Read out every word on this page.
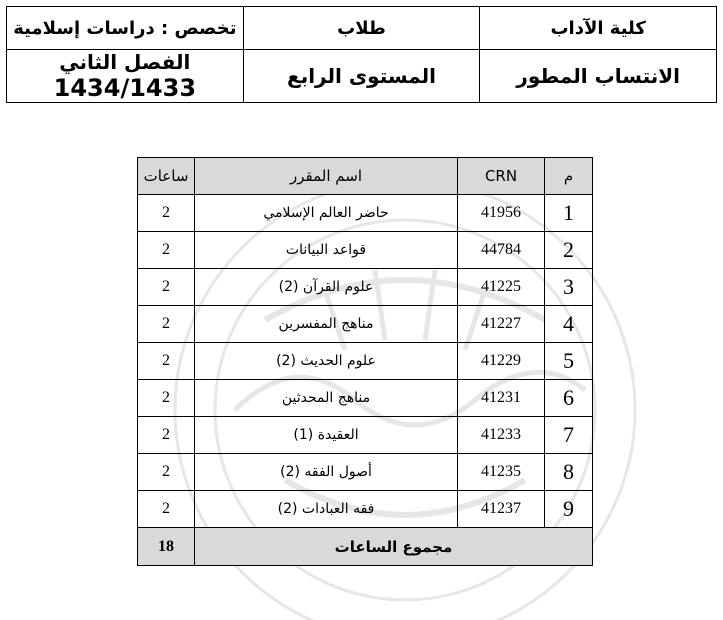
كلية الآداب	طلاب	تخصص : دراسات إسلامية
الانتساب المطور	المستوى الرابع	الفصل الثاني 1434/1433
م	CRN	اسم المقرر	ساعات
1	41956	حاضر العالم الإسلامي	2
2	44784	قواعد البيانات	2
3	41225	علوم القرآن (2)	2
4	41227	مناهج المفسرين	2
5	41229	علوم الحديث (2)	2
6	41231	مناهج المحدثين	2
7	41233	العقيدة (1)	2
8	41235	أصول الفقه (2)	2
9	41237	فقه العبادات (2)	2
مجموع الساعات			18
